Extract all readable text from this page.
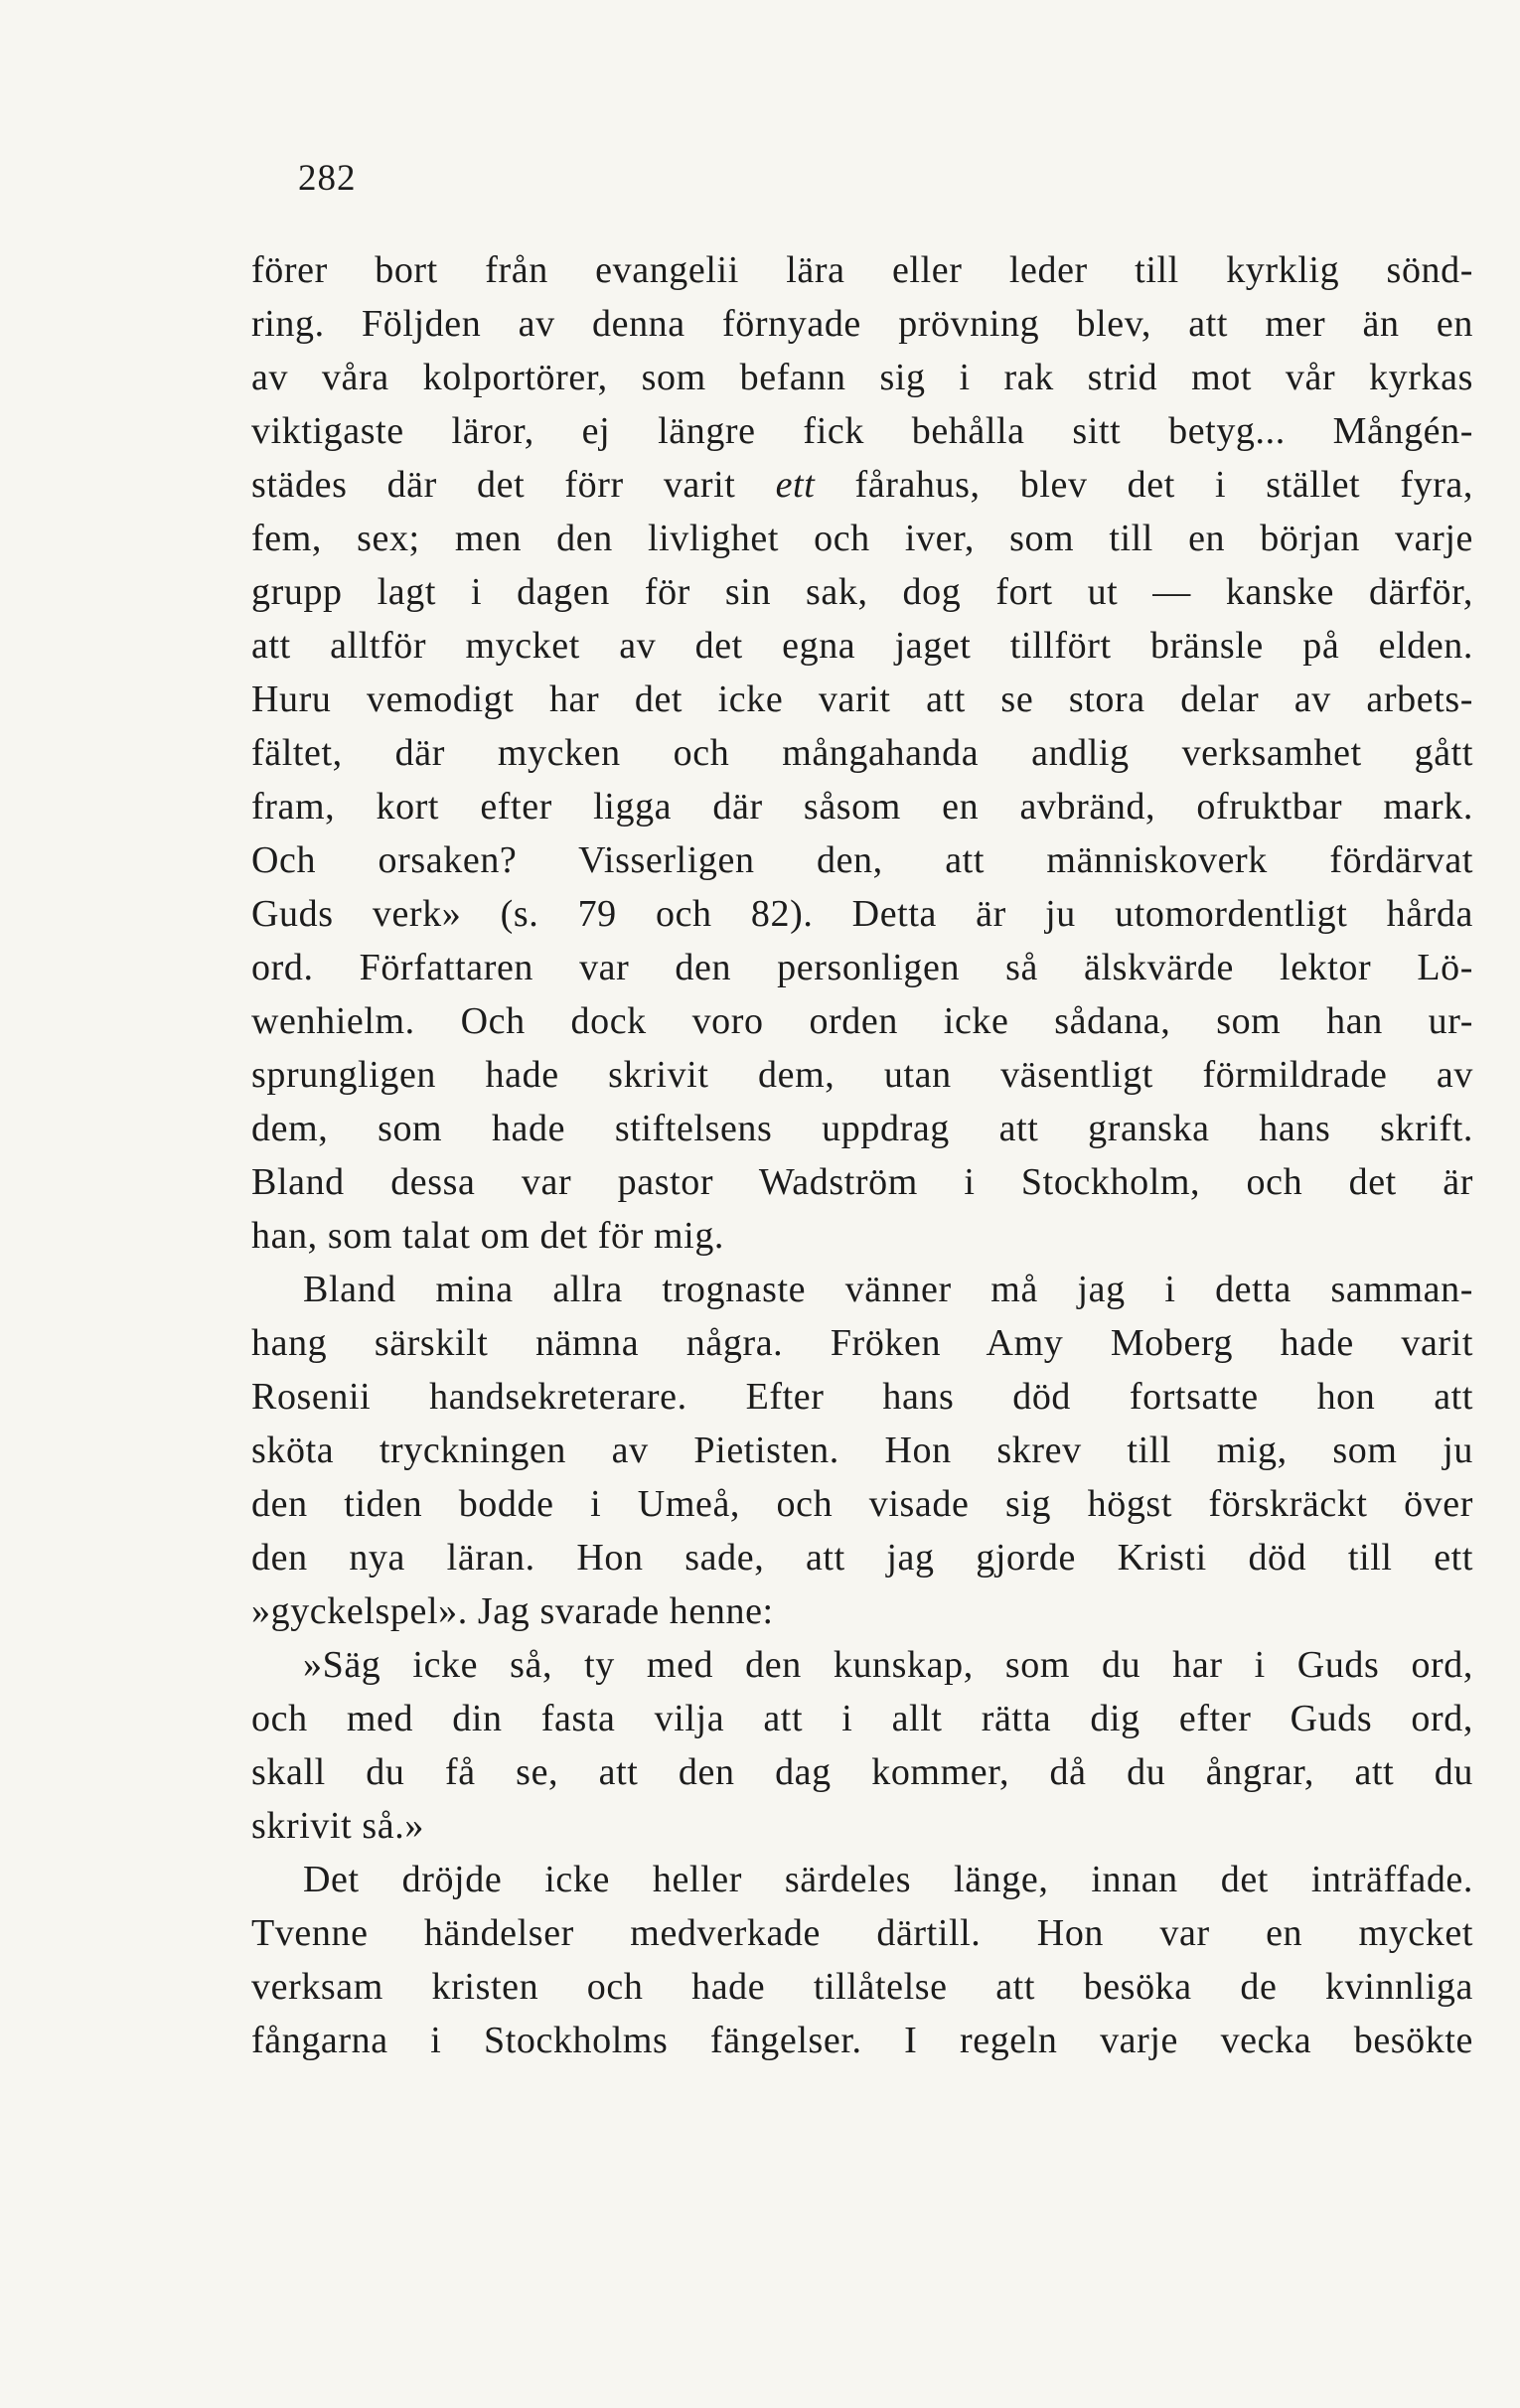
282
förer bort från evangelii lära eller leder till kyrklig sönd-
ring. Följden av denna förnyade prövning blev, att mer än en
av våra kolportörer, som befann sig i rak strid mot vår kyrkas
viktigaste läror, ej längre fick behålla sitt betyg... Mångén-
städes där det förr varit ett fårahus, blev det i stället fyra,
fem, sex; men den livlighet och iver, som till en början varje
grupp lagt i dagen för sin sak, dog fort ut — kanske därför,
att alltför mycket av det egna jaget tillfört bränsle på elden.
Huru vemodigt har det icke varit att se stora delar av arbets-
fältet, där mycken och mångahanda andlig verksamhet gått
fram, kort efter ligga där såsom en avbränd, ofruktbar mark.
Och orsaken? Visserligen den, att människoverk fördärvat
Guds verk» (s. 79 och 82). Detta är ju utomordentligt hårda
ord. Författaren var den personligen så älskvärde lektor Lö-
wenhielm. Och dock voro orden icke sådana, som han ur-
sprungligen hade skrivit dem, utan väsentligt förmildrade av
dem, som hade stiftelsens uppdrag att granska hans skrift.
Bland dessa var pastor Wadström i Stockholm, och det är
han, som talat om det för mig.
Bland mina allra trognaste vänner må jag i detta samman-
hang särskilt nämna några. Fröken Amy Moberg hade varit
Rosenii handsekreterare. Efter hans död fortsatte hon att
sköta tryckningen av Pietisten. Hon skrev till mig, som ju
den tiden bodde i Umeå, och visade sig högst förskräckt över
den nya läran. Hon sade, att jag gjorde Kristi död till ett
»gyckelspel». Jag svarade henne:
»Säg icke så, ty med den kunskap, som du har i Guds ord,
och med din fasta vilja att i allt rätta dig efter Guds ord,
skall du få se, att den dag kommer, då du ångrar, att du
skrivit så.»
Det dröjde icke heller särdeles länge, innan det inträffade.
Tvenne händelser medverkade därtill. Hon var en mycket
verksam kristen och hade tillåtelse att besöka de kvinnliga
fångarna i Stockholms fängelser. I regeln varje vecka besökte
